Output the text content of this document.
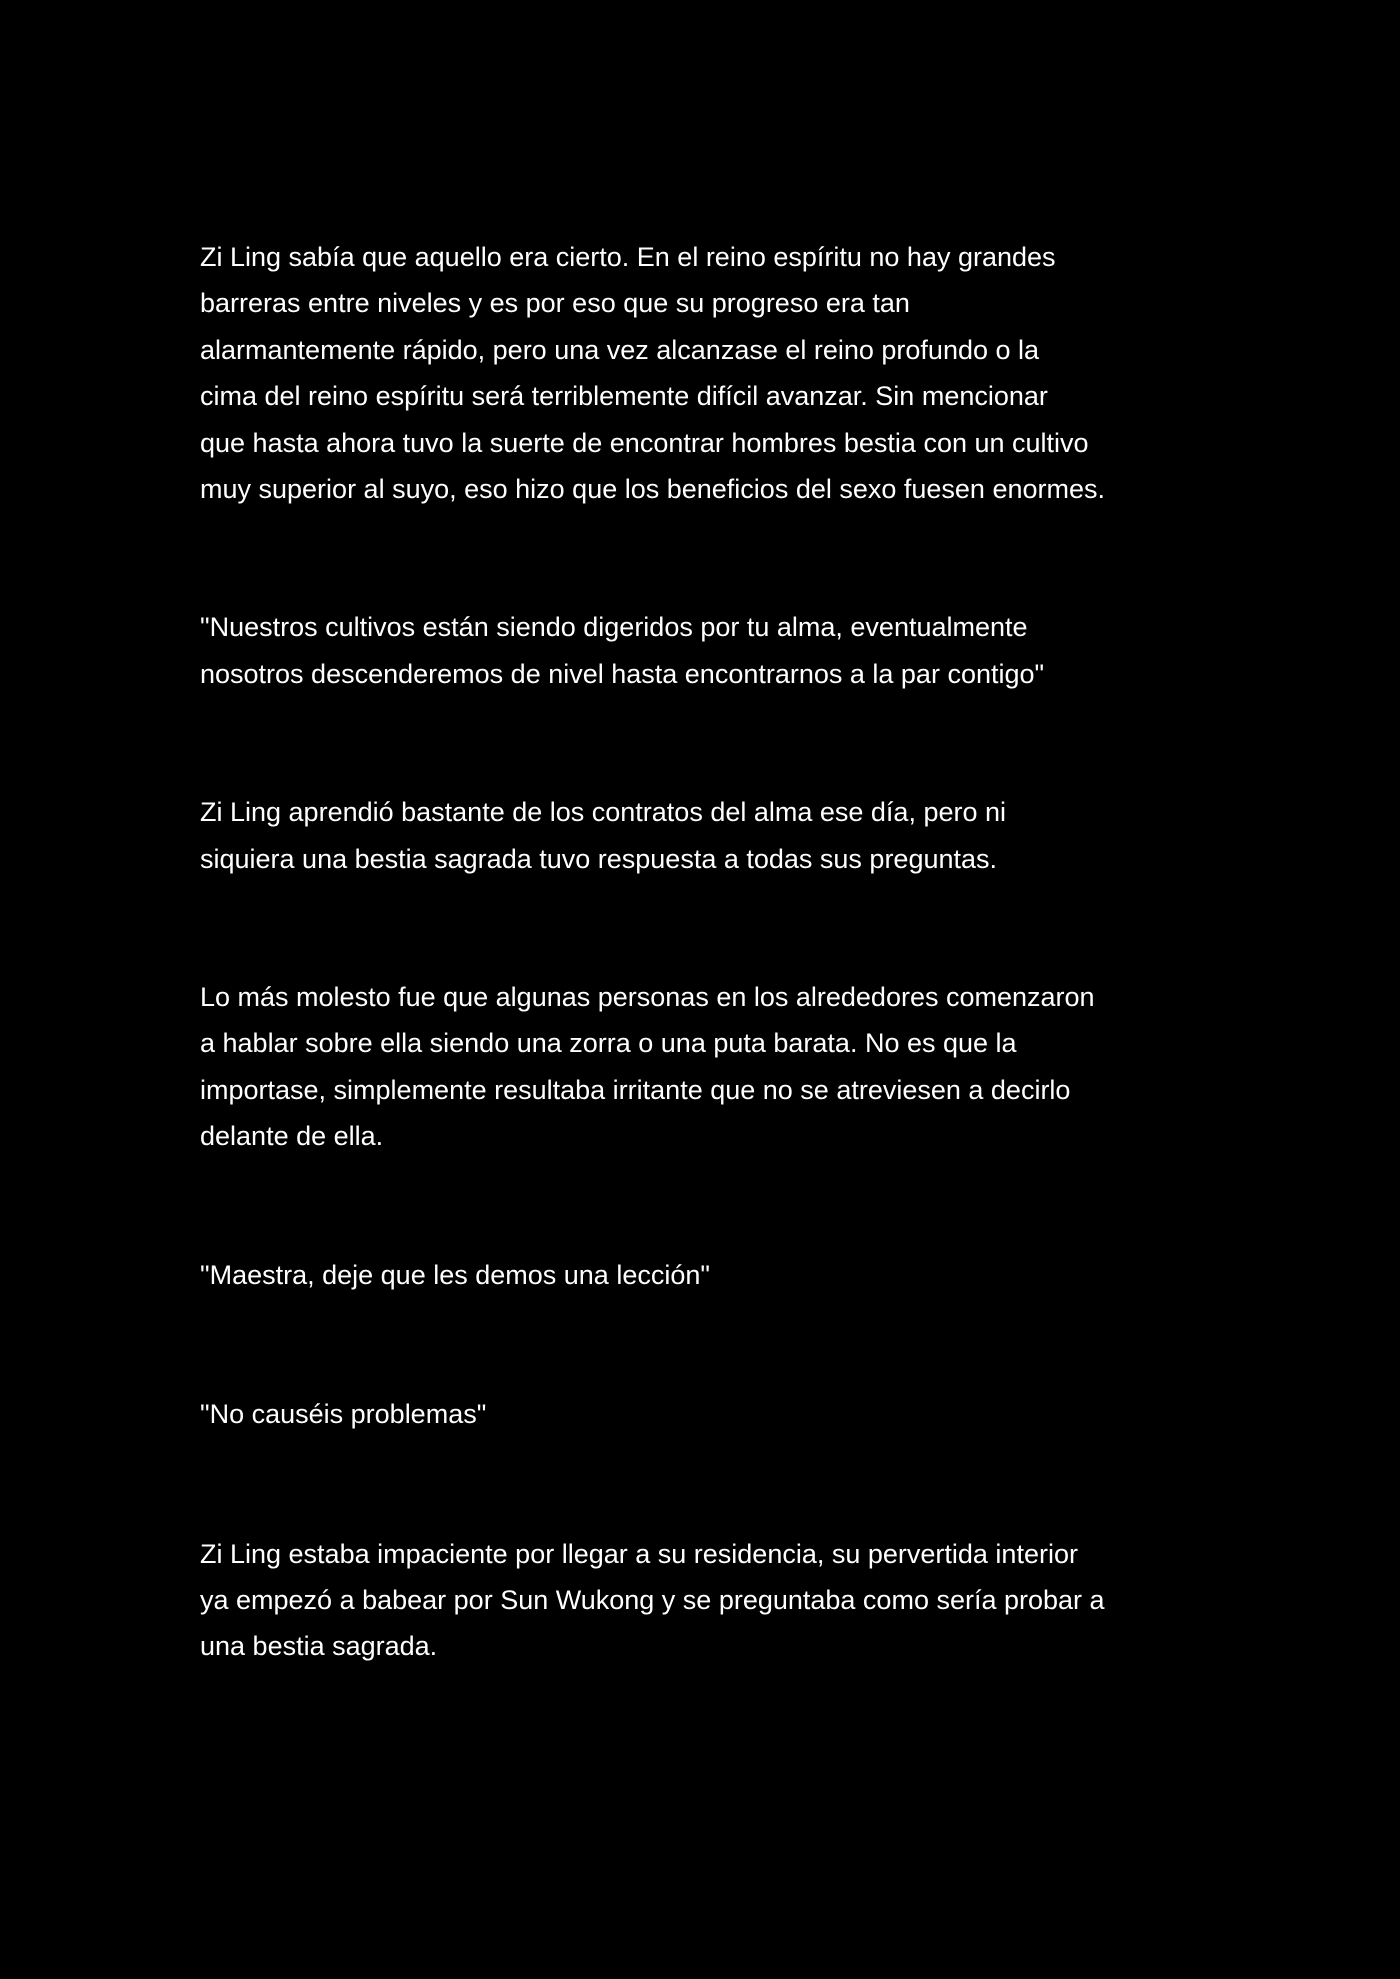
Zi Ling sabía que aquello era cierto. En el reino espíritu no hay grandes
barreras entre niveles y es por eso que su progreso era tan
alarmantemente rápido, pero una vez alcanzase el reino profundo o la
cima del reino espíritu será terriblemente difícil avanzar. Sin mencionar
que hasta ahora tuvo la suerte de encontrar hombres bestia con un cultivo
muy superior al suyo, eso hizo que los beneficios del sexo fuesen enormes.

"Nuestros cultivos están siendo digeridos por tu alma, eventualmente
nosotros descenderemos de nivel hasta encontrarnos a la par contigo"

Zi Ling aprendió bastante de los contratos del alma ese día, pero ni
siquiera una bestia sagrada tuvo respuesta a todas sus preguntas.

Lo más molesto fue que algunas personas en los alrededores comenzaron
a hablar sobre ella siendo una zorra o una puta barata. No es que la
importase, simplemente resultaba irritante que no se atreviesen a decirlo
delante de ella.

"Maestra, deje que les demos una lección"

"No causéis problemas"

Zi Ling estaba impaciente por llegar a su residencia, su pervertida interior
ya empezó a babear por Sun Wukong y se preguntaba como sería probar a
una bestia sagrada.
